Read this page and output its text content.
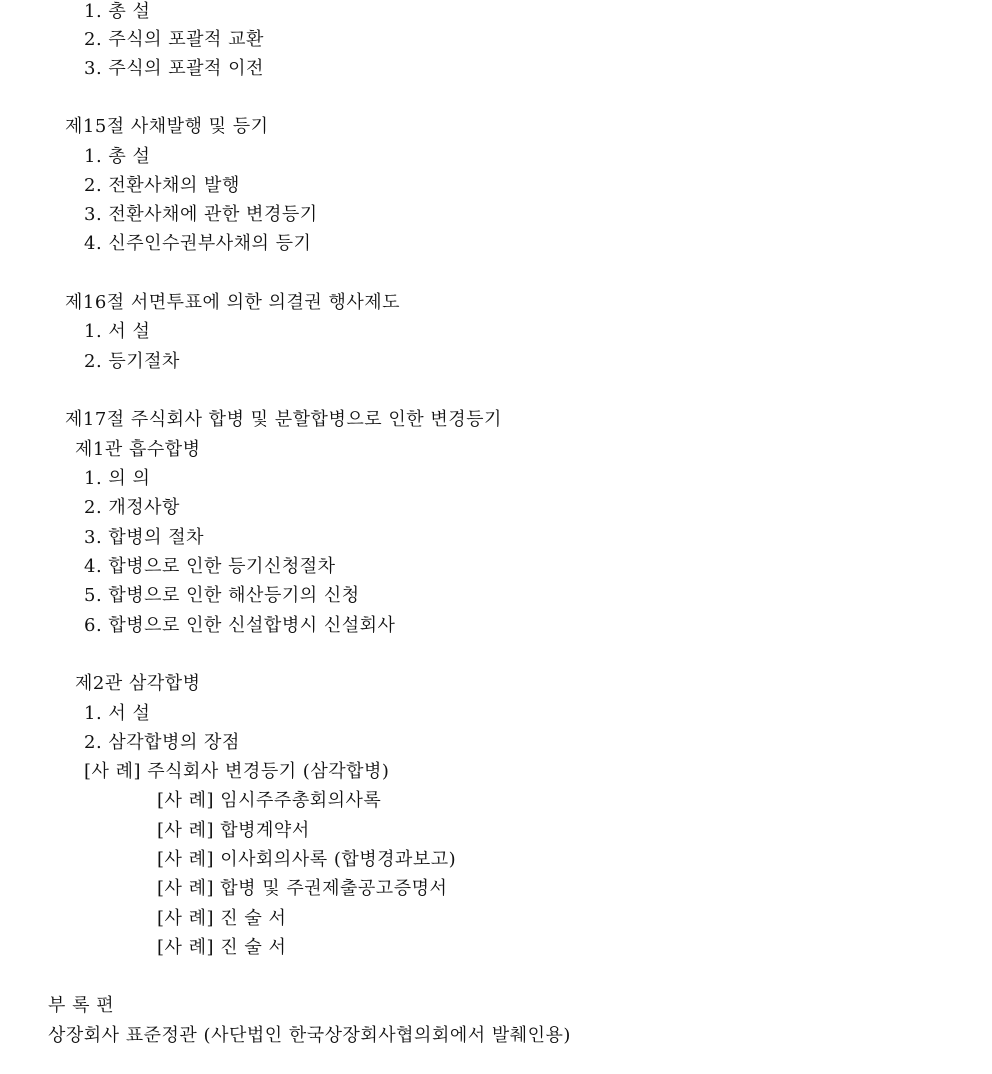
1. 총 설
2. 주식의 포괄적 교환
3. 주식의 포괄적 이전
제15절 사채발행 및 등기
1. 총 설
2. 전환사채의 발행
3. 전환사채에 관한 변경등기
4. 신주인수권부사채의 등기
제16절 서면투표에 의한 의결권 행사제도
1. 서 설
2. 등기절차
제17절 주식회사 합병 및 분할합병으로 인한 변경등기
제1관 흡수합병
1. 의 의
2. 개정사항
3. 합병의 절차
4. 합병으로 인한 등기신청절차
5. 합병으로 인한 해산등기의 신청
6. 합병으로 인한 신설합병시 신설회사
제2관 삼각합병
1. 서 설
2. 삼각합병의 장점
[사 례] 주식회사 변경등기 (삼각합병)
[사 례] 임시주주총회의사록
[사 례] 합병계약서
[사 례] 이사회의사록 (합병경과보고)
[사 례] 합병 및 주권제출공고증명서
[사 례] 진 술 서
[사 례] 진 술 서
부 록 편
상장회사 표준정관 (사단법인 한국상장회사협의회에서 발췌인용)
